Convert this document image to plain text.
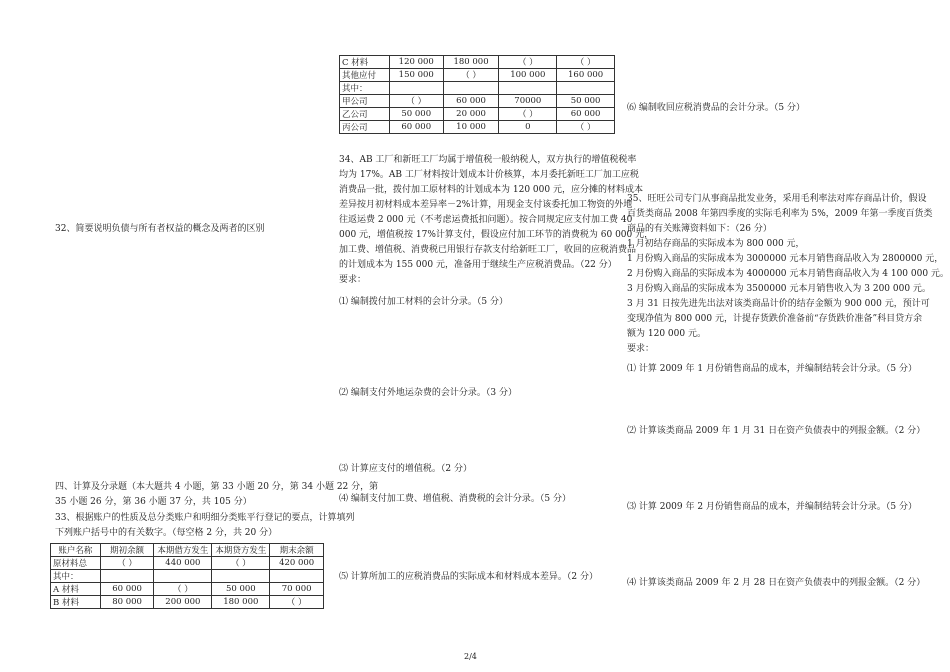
C 材料	120 000	180 000	（ ）	（ ）
其他应付	150 000	（ ）	100 000	160 000
其中：				
甲公司	（ ）	60 000	70000	50 000
乙公司	50 000	20 000	（ ）	60 000
丙公司	60 000	10 000	0	（ ）
32、简要说明负债与所有者权益的概念及两者的区别
四、计算及分录题（本大题共 4 小题，第 33 小题 20 分，第 34 小题 22 分，第
35 小题 26 分，第 36 小题 37 分，共 105 分）
33、根据账户的性质及总分类账户和明细分类账平行登记的要点，计算填列
下列账户括号中的有关数字。（每空格 2 分，共 20 分）
账户名称	期初余额	本期借方发生	本期贷方发生	期末余额
原材料总	（ ）	440 000	（ ）	420 000
其中：				
A 材料	60 000	（ ）	50 000	70 000
B 材料	80 000	200 000	180 000	（ ）
34、AB 工厂和新旺工厂均属于增值税一般纳税人，双方执行的增值税税率
均为 17%。AB 工厂材料按计划成本计价核算，本月委托新旺工厂加工应税
消费品一批，拨付加工原材料的计划成本为 120 000 元，应分摊的材料成本
差异按月初材料成本差异率－2%计算，用现金支付该委托加工物资的外地
往返运费 2 000 元（不考虑运费抵扣问题）。按合同规定应支付加工费 40
000 元，增值税按 17%计算支付，假设应付加工环节的消费税为 60 000 元，
加工费、增值税、消费税已用银行存款支付给新旺工厂，收回的应税消费品
的计划成本为 155 000 元，准备用于继续生产应税消费品。（22 分）
要求：
⑴ 编制拨付加工材料的会计分录。（5 分）
⑵ 编制支付外地运杂费的会计分录。（3 分）
⑶ 计算应支付的增值税。（2 分）
⑷ 编制支付加工费、增值税、消费税的会计分录。（5 分）
⑸ 计算所加工的应税消费品的实际成本和材料成本差异。（2 分）
⑹ 编制收回应税消费品的会计分录。（5 分）
35、旺旺公司专门从事商品批发业务，采用毛利率法对库存商品计价，假设
百货类商品 2008 年第四季度的实际毛利率为 5%，2009 年第一季度百货类
商品的有关账簿资料如下：（26 分）
1 月初结存商品的实际成本为 800 000 元，
1 月份购入商品的实际成本为 3000000 元本月销售商品收入为 2800000 元，
2 月份购入商品的实际成本为 4000000 元本月销售商品收入为 4 100 000 元。
3 月份购入商品的实际成本为 3500000 元本月销售收入为 3 200 000 元。
3 月 31 日按先进先出法对该类商品计价的结存金额为 900 000 元，预计可
变现净值为 800 000 元，计提存货跌价准备前“存货跌价准备”科目贷方余
额为 120 000 元。
要求：
⑴ 计算 2009 年 1 月份销售商品的成本，并编制结转会计分录。（5 分）
⑵ 计算该类商品 2009 年 1 月 31 日在资产负债表中的列报金额。（2 分）
⑶ 计算 2009 年 2 月份销售商品的成本，并编制结转会计分录。（5 分）
⑷ 计算该类商品 2009 年 2 月 28 日在资产负债表中的列报金额。（2 分）
2/4
